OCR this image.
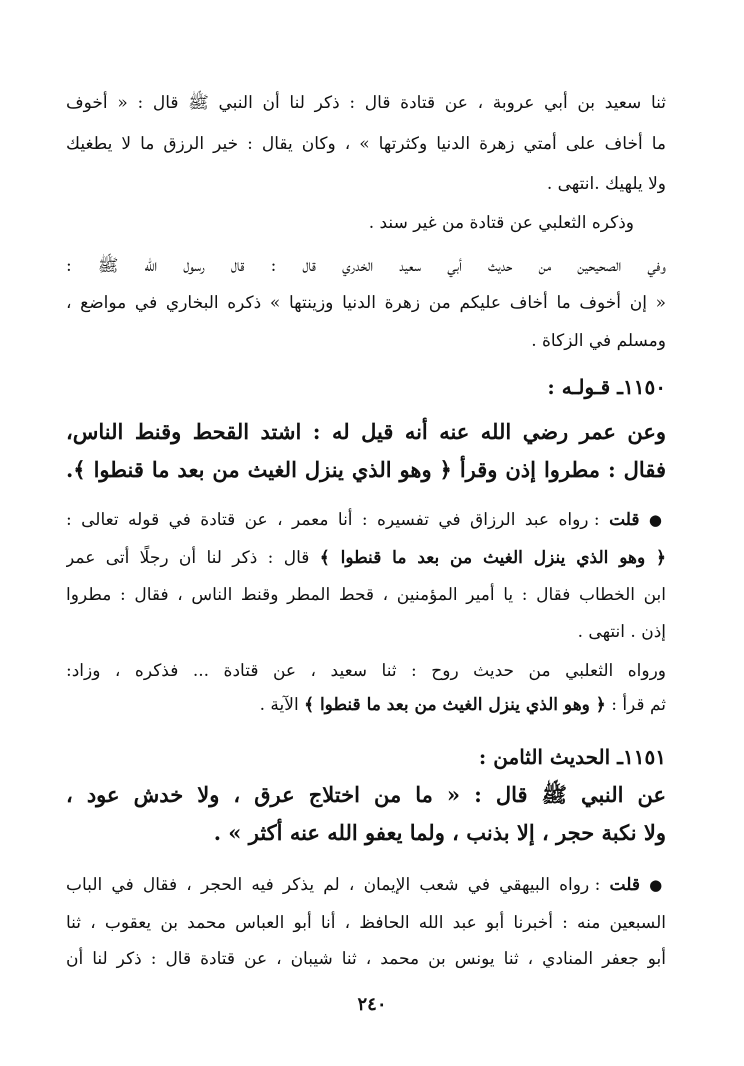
ثنا سعيد بن أبي عروبة ، عن قتادة قال : ذكر لنا أن النبي ﷺ قال : « أخوف
ما أخاف على أمتي زهرة الدنيا وكثرتها » ، وكان يقال : خير الرزق ما لا يطغيك
ولا يلهيك .انتهى .
وذكره الثعلبي عن قتادة من غير سند .
وفي الصحيحين من حديث أبي سعيد الخدري قال : قال رسول الله ﷺ :
« إن أخوف ما أخاف عليكم من زهرة الدنيا وزينتها » ذكره البخاري في مواضع ،
ومسلم في الزكاة .
١١٥٠ـ قـولـه :
وعن عمر رضي الله عنه أنه قيل له : اشتد القحط وقنط الناس،
فقال : مطروا إذن وقرأ ﴿ وهو الذي ينزل الغيث من بعد ما قنطوا ﴾.
● قلت : رواه عبد الرزاق في تفسيره : أنا معمر ، عن قتادة في قوله تعالى :
﴿ وهو الذي ينزل الغيث من بعد ما قنطوا ﴾ قال : ذكر لنا أن رجلًا أتى عمر
ابن الخطاب فقال : يا أمير المؤمنين ، قحط المطر وقنط الناس ، فقال : مطروا
إذن . انتهى .
ورواه الثعلبي من حديث روح : ثنا سعيد ، عن قتادة ... فذكره ، وزاد:
ثم قرأ : ﴿ وهو الذي ينزل الغيث من بعد ما قنطوا ﴾ الآية .
١١٥١ـ الحديث الثامن :
عن النبي ﷺ قال : « ما من اختلاج عرق ، ولا خدش عود ،
ولا نكبة حجر ، إلا بذنب ، ولما يعفو الله عنه أكثر » .
● قلت : رواه البيهقي في شعب الإيمان ، لم يذكر فيه الحجر ، فقال في الباب
السبعين منه : أخبرنا أبو عبد الله الحافظ ، أنا أبو العباس محمد بن يعقوب ، ثنا
أبو جعفر المنادي ، ثنا يونس بن محمد ، ثنا شيبان ، عن قتادة قال : ذكر لنا أن
٢٤٠
